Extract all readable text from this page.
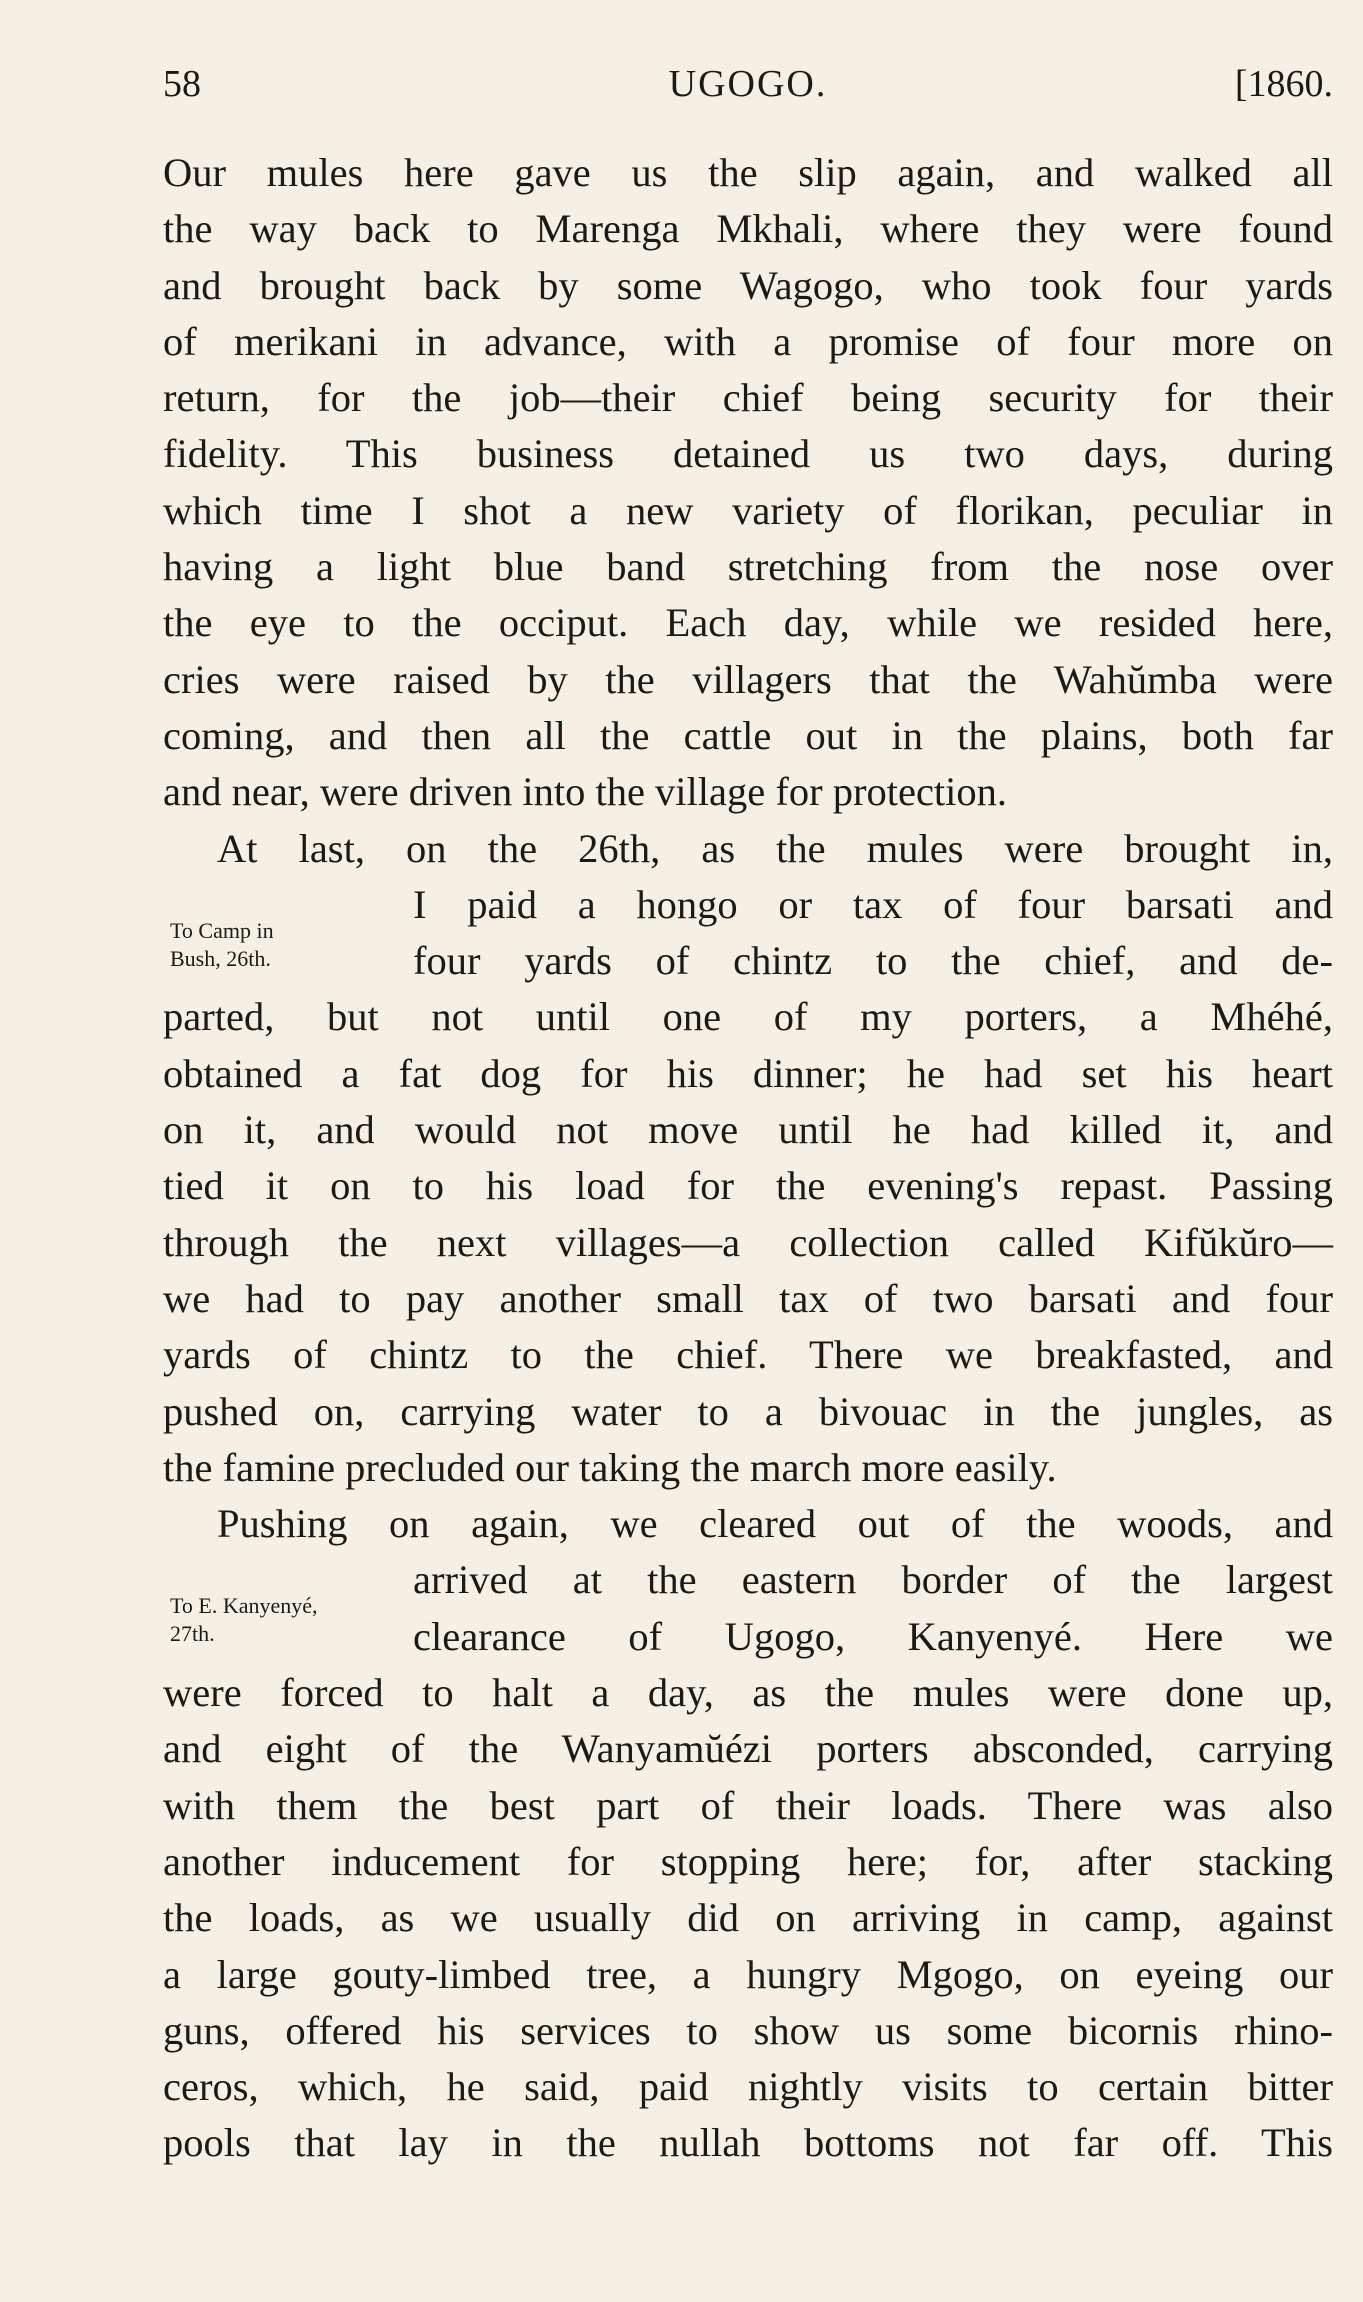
58	UGOGO.	[1860.
To Camp in
Bush, 26th.
To E. Kanyenyé,
27th.
Our mules here gave us the slip again, and walked all
the way back to Marenga Mkhali, where they were found
and brought back by some Wagogo, who took four yards
of merikani in advance, with a promise of four more on
return, for the job—their chief being security for their
fidelity. This business detained us two days, during
which time I shot a new variety of florikan, peculiar in
having a light blue band stretching from the nose over
the eye to the occiput. Each day, while we resided here,
cries were raised by the villagers that the Wahŭmba were
coming, and then all the cattle out in the plains, both far
and near, were driven into the village for protection.
At last, on the 26th, as the mules were brought in,
I paid a hongo or tax of four barsati and
four yards of chintz to the chief, and de-
parted, but not until one of my porters, a Mhéhé,
obtained a fat dog for his dinner; he had set his heart
on it, and would not move until he had killed it, and
tied it on to his load for the evening's repast. Passing
through the next villages—a collection called Kifŭkŭro—
we had to pay another small tax of two barsati and four
yards of chintz to the chief. There we breakfasted, and
pushed on, carrying water to a bivouac in the jungles, as
the famine precluded our taking the march more easily.
Pushing on again, we cleared out of the woods, and
arrived at the eastern border of the largest
clearance of Ugogo, Kanyenyé. Here we
were forced to halt a day, as the mules were done up,
and eight of the Wanyamŭézi porters absconded, carrying
with them the best part of their loads. There was also
another inducement for stopping here; for, after stacking
the loads, as we usually did on arriving in camp, against
a large gouty-limbed tree, a hungry Mgogo, on eyeing our
guns, offered his services to show us some bicornis rhino-
ceros, which, he said, paid nightly visits to certain bitter
pools that lay in the nullah bottoms not far off. This
